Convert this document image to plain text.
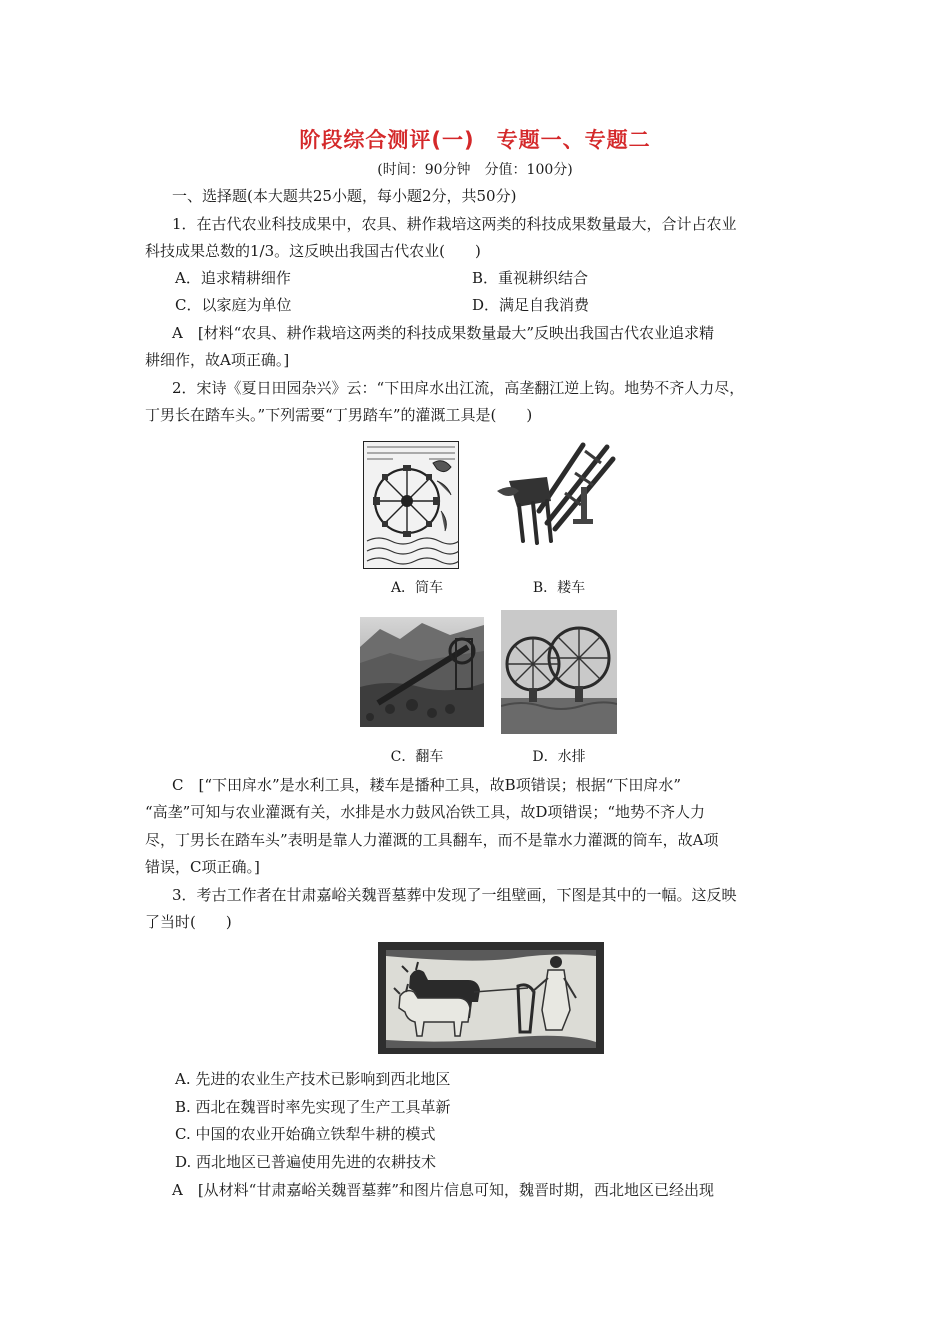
阶段综合测评(一)　专题一、专题二
(时间：90分钟　分值：100分)
一、选择题(本大题共25小题，每小题2分，共50分)
1．在古代农业科技成果中，农具、耕作栽培这两类的科技成果数量最大，合计占农业
科技成果总数的1/3。这反映出我国古代农业(　　)
A．追求精耕细作	B．重视耕织结合
C．以家庭为单位	D．满足自我消费
A　[材料“农具、耕作栽培这两类的科技成果数量最大”反映出我国古代农业追求精
耕细作，故A项正确。]
2．宋诗《夏日田园杂兴》云：“下田戽水出江流，高垄翻江逆上钩。地势不齐人力尽，
丁男长在踏车头。”下列需要“丁男踏车”的灌溉工具是(　　)
A．筒车	B．耧车
C．翻车	D．水排
C　[“下田戽水”是水利工具，耧车是播种工具，故B项错误；根据“下田戽水”
“高垄”可知与农业灌溉有关，水排是水力鼓风冶铁工具，故D项错误；“地势不齐人力
尽，丁男长在踏车头”表明是靠人力灌溉的工具翻车，而不是靠水力灌溉的筒车，故A项
错误，C项正确。]
3．考古工作者在甘肃嘉峪关魏晋墓葬中发现了一组壁画，下图是其中的一幅。这反映
了当时(　　)
A. 先进的农业生产技术已影响到西北地区
B. 西北在魏晋时率先实现了生产工具革新
C. 中国的农业开始确立铁犁牛耕的模式
D. 西北地区已普遍使用先进的农耕技术
A　[从材料“甘肃嘉峪关魏晋墓葬”和图片信息可知，魏晋时期，西北地区已经出现
